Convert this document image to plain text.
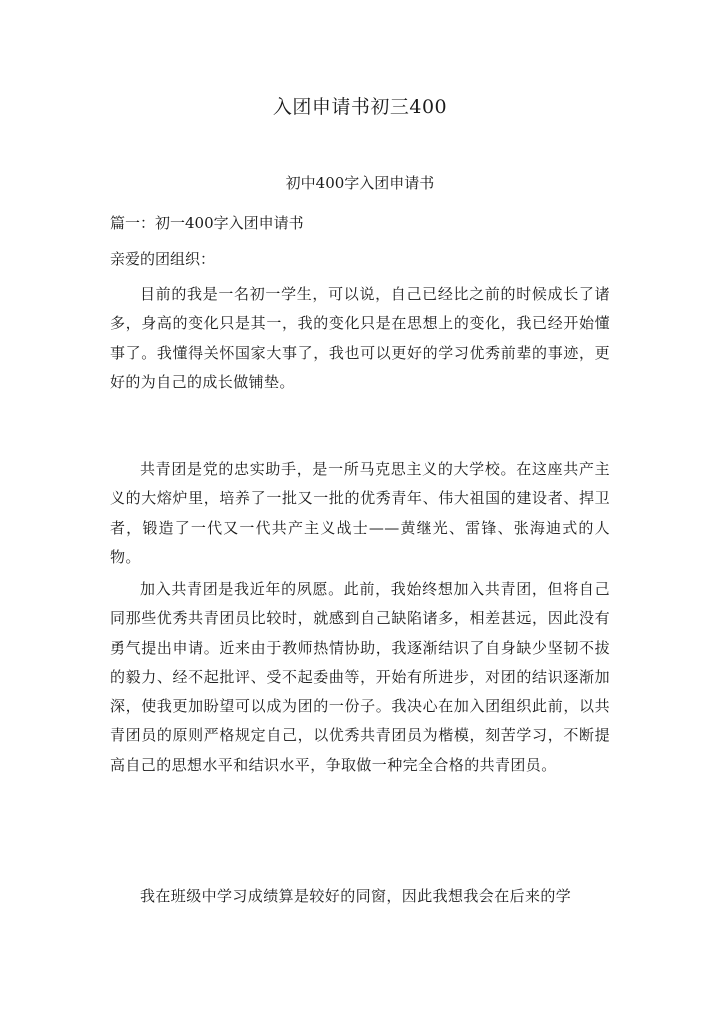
入团申请书初三400

初中400字入团申请书

篇一：初一400字入团申请书

亲爱的团组织：

目前的我是一名初一学生，可以说，自己已经比之前的时候成长了诸多，身高的变化只是其一，我的变化只是在思想上的变化，我已经开始懂事了。我懂得关怀国家大事了，我也可以更好的学习优秀前辈的事迹，更好的为自己的成长做铺垫。

共青团是党的忠实助手，是一所马克思主义的大学校。在这座共产主义的大熔炉里，培养了一批又一批的优秀青年、伟大祖国的建设者、捍卫者，锻造了一代又一代共产主义战士——黄继光、雷锋、张海迪式的人物。

加入共青团是我近年的夙愿。此前，我始终想加入共青团，但将自己同那些优秀共青团员比较时，就感到自己缺陷诸多，相差甚远，因此没有勇气提出申请。近来由于教师热情协助，我逐渐结识了自身缺少坚韧不拔的毅力、经不起批评、受不起委曲等，开始有所进步，对团的结识逐渐加深，使我更加盼望可以成为团的一份子。我决心在加入团组织此前，以共青团员的原则严格规定自己，以优秀共青团员为楷模，刻苦学习，不断提高自己的思想水平和结识水平，争取做一种完全合格的共青团员。

我在班级中学习成绩算是较好的同窗，因此我想我会在后来的学
